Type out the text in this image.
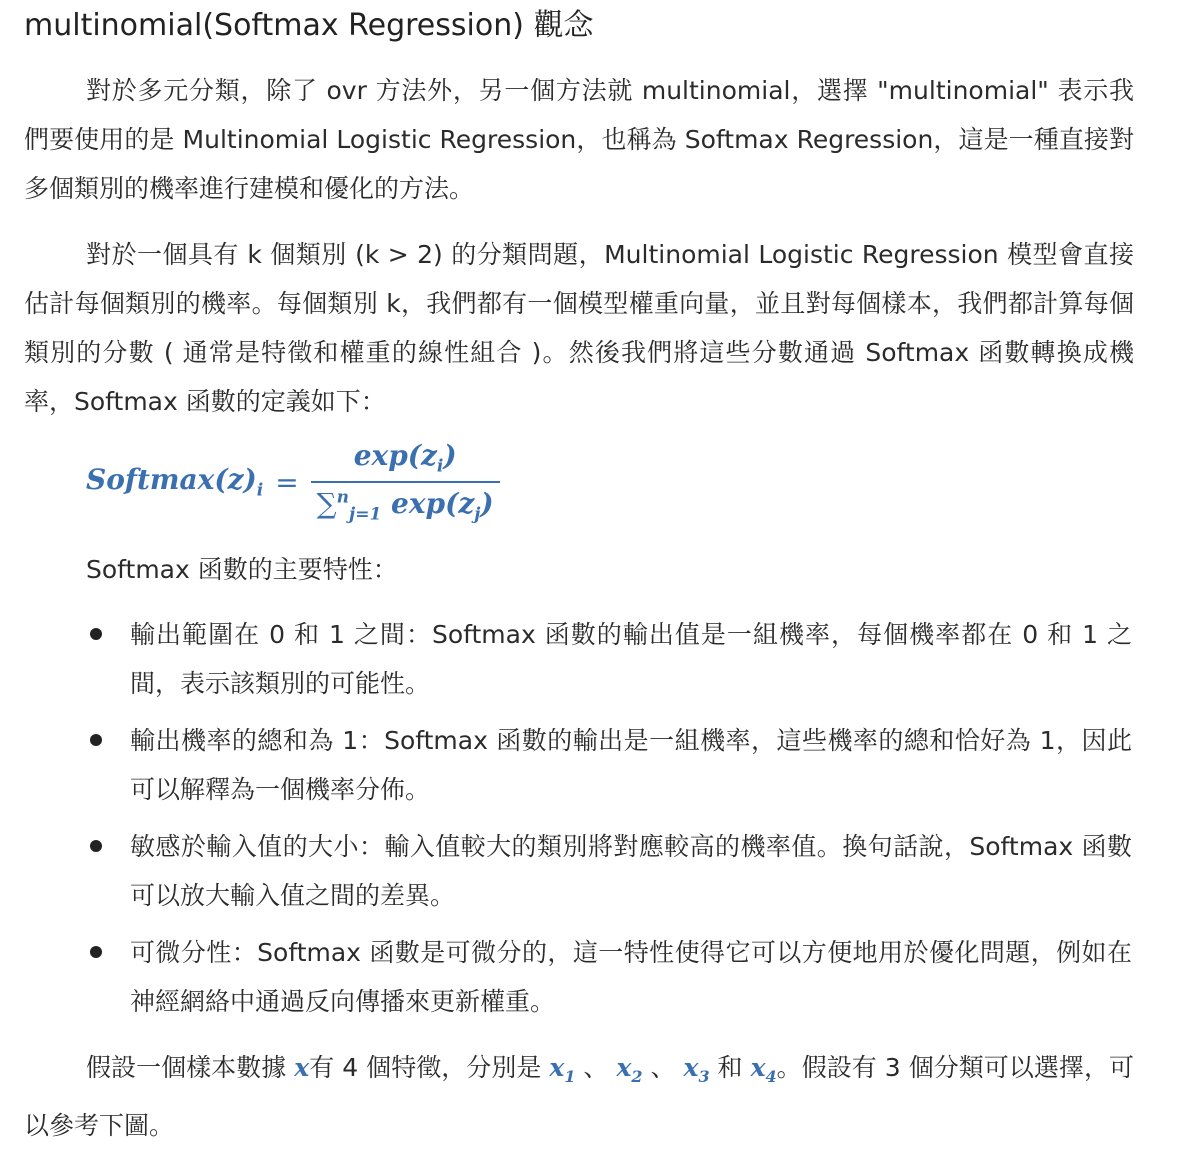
multinomial(Softmax Regression) 觀念

對於多元分類，除了 ovr 方法外，另一個方法就 multinomial，選擇 "multinomial" 表示我們要使用的是 Multinomial Logistic Regression，也稱為 Softmax Regression，這是一種直接對多個類別的機率進行建模和優化的方法。

對於一個具有 k 個類別 (k > 2) 的分類問題，Multinomial Logistic Regression 模型會直接估計每個類別的機率。每個類別 k，我們都有一個模型權重向量，並且對每個樣本，我們都計算每個類別的分數 ( 通常是特徵和權重的線性組合 )。然後我們將這些分數通過 Softmax 函數轉換成機率，Softmax 函數的定義如下：

$Softmax(z)_i = \frac{\exp(z_i)}{\sum^n_{j=1} \exp(z_j)}$

Softmax 函數的主要特性：

輸出範圍在 0 和 1 之間：Softmax 函數的輸出值是一組機率，每個機率都在 0 和 1 之間，表示該類別的可能性。
輸出機率的總和為 1：Softmax 函數的輸出是一組機率，這些機率的總和恰好為 1，因此可以解釋為一個機率分佈。
敏感於輸入值的大小：輸入值較大的類別將對應較高的機率值。換句話說，Softmax 函數可以放大輸入值之間的差異。
可微分性：Softmax 函數是可微分的，這一特性使得它可以方便地用於優化問題，例如在神經網絡中通過反向傳播來更新權重。

假設一個樣本數據 x有 4 個特徵，分別是 $x_1$ 、 $x_2$ 、 $x_3$ 和 $x_4$。假設有 3 個分類可以選擇，可以參考下圖。
